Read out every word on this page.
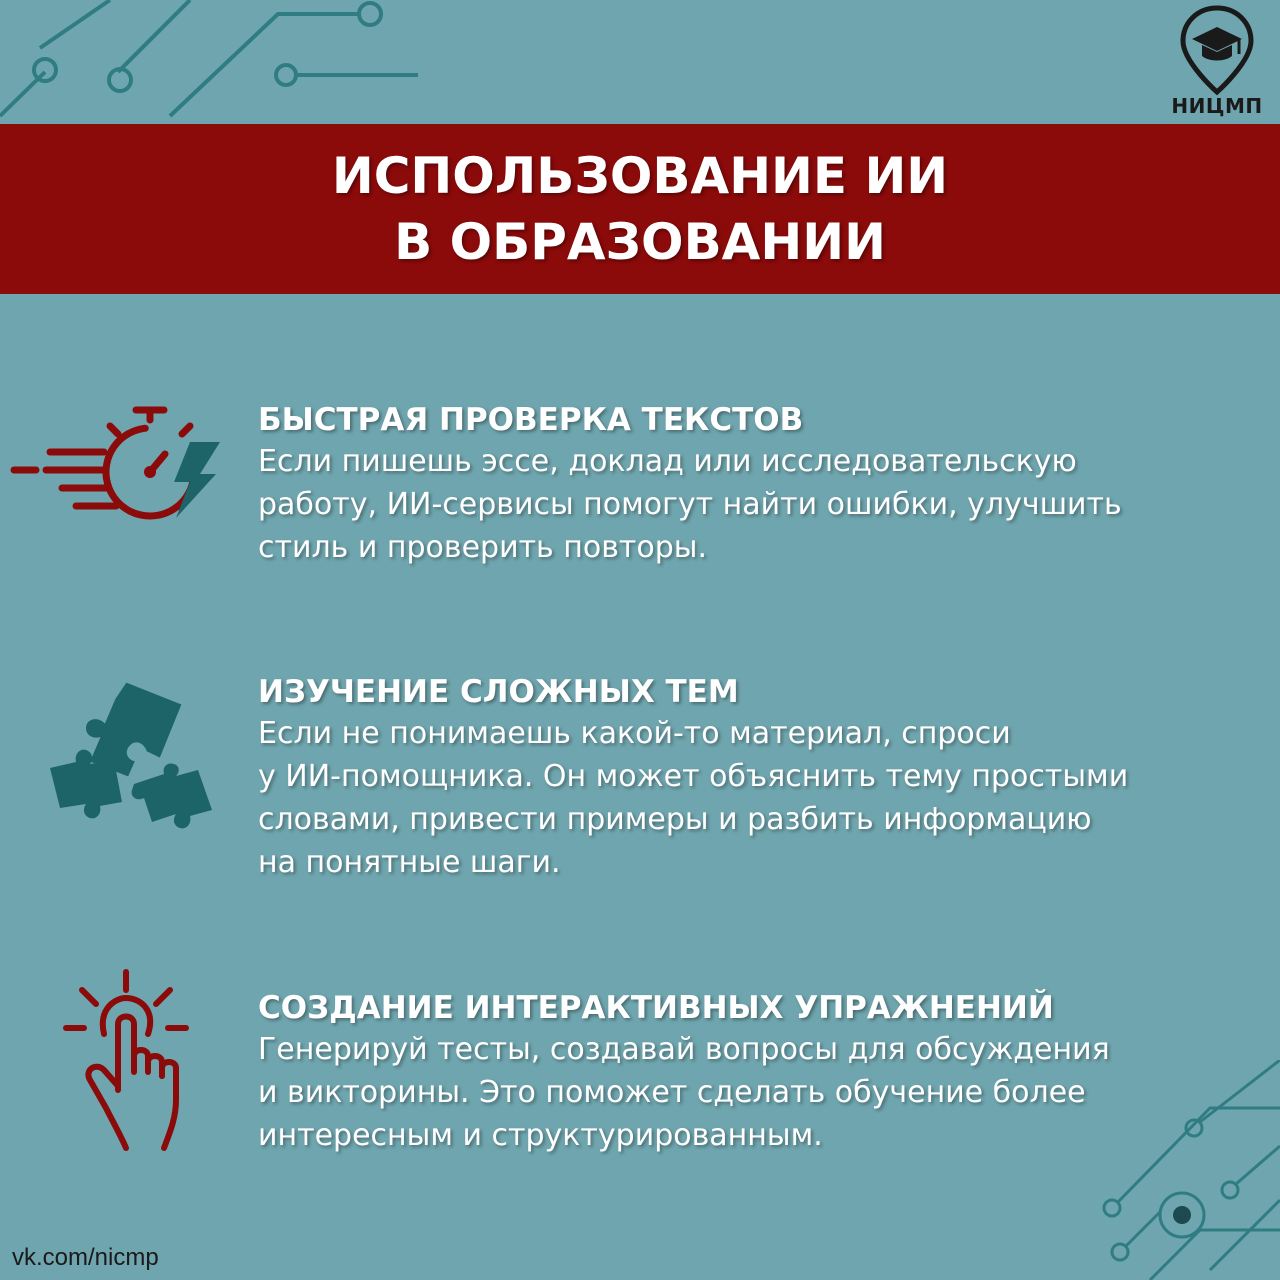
НИЦМП
ИСПОЛЬЗОВАНИЕ ИИ
В ОБРАЗОВАНИИ
БЫСТРАЯ ПРОВЕРКА ТЕКСТОВ

Если пишешь эссе, доклад или исследовательскую
работу, ИИ-сервисы помогут найти ошибки, улучшить
стиль и проверить повторы.

ИЗУЧЕНИЕ СЛОЖНЫХ ТЕМ

Если не понимаешь какой-то материал, спроси
у ИИ-помощника. Он может объяснить тему простыми
словами, привести примеры и разбить информацию
на понятные шаги.

СОЗДАНИЕ ИНТЕРАКТИВНЫХ УПРАЖНЕНИЙ

Генерируй тесты, создавай вопросы для обсуждения
и викторины. Это поможет сделать обучение более
интересным и структурированным.

vk.com/nicmp
